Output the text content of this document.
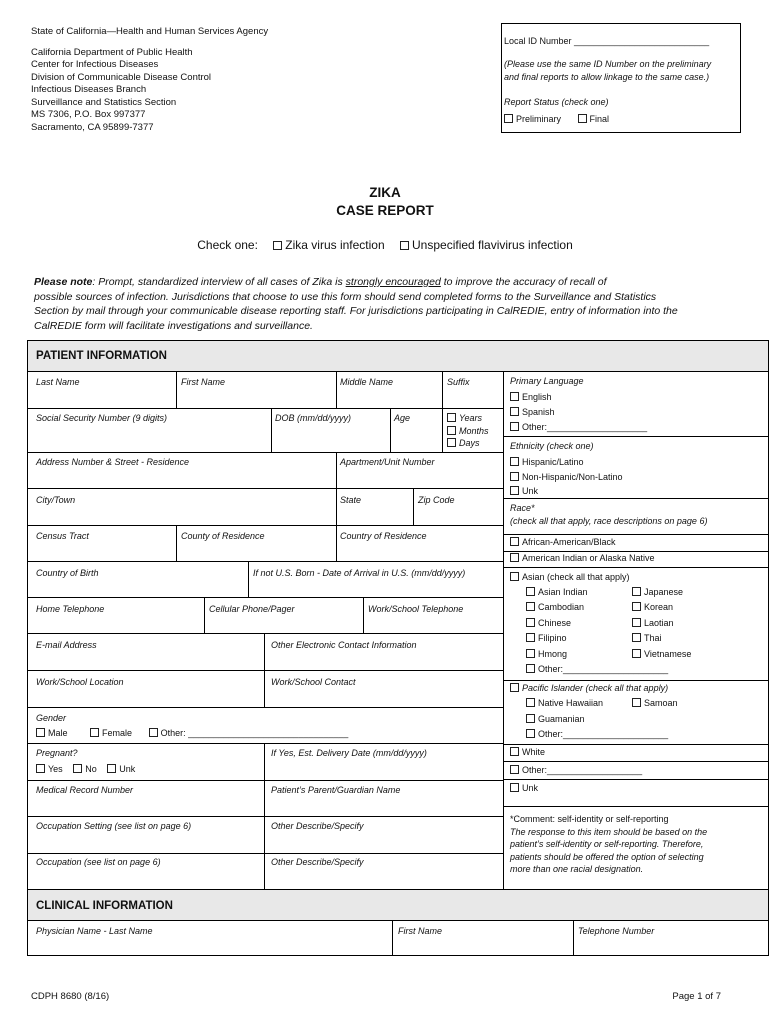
State of California—Health and Human Services Agency
California Department of Public Health
Center for Infectious Diseases
Division of Communicable Disease Control
Infectious Diseases Branch
Surveillance and Statistics Section
MS 7306, P.O. Box 997377
Sacramento, CA 95899-7377
Local ID Number ___________________________
(Please use the same ID Number on the preliminary
and final reports to allow linkage to the same case.)
Report Status (check one)
Preliminary	Final
ZIKA
CASE REPORT
Check one: Zika virus infection Unspecified flavivirus infection
Please note: Prompt, standardized interview of all cases of Zika is strongly encouraged to improve the accuracy of recall of
possible sources of infection. Jurisdictions that choose to use this form should send completed forms to the Surveillance and Statistics
Section by mail through your communicable disease reporting staff. For jurisdictions participating in CalREDIE, entry of information into the
CalREDIE form will facilitate investigations and surveillance.
PATIENT INFORMATION
Last Name	First Name	Middle Name	Suffix
Social Security Number (9 digits)	DOB (mm/dd/yyyy)	Age	Years
Months
Days
Address Number & Street - Residence	Apartment/Unit Number
City/Town	State	Zip Code
Census Tract	County of Residence	Country of Residence
Country of Birth	If not U.S. Born - Date of Arrival in U.S. (mm/dd/yyyy)
Home Telephone	Cellular Phone/Pager	Work/School Telephone
E-mail Address	Other Electronic Contact Information
Work/School Location	Work/School Contact
Gender
Male	Female	Other: ________________________________
Pregnant?
Yes	No	Unk
If Yes, Est. Delivery Date (mm/dd/yyyy)
Medical Record Number	Patient’s Parent/Guardian Name
Occupation Setting (see list on page 6)	Other Describe/Specify
Occupation (see list on page 6)	Other Describe/Specify
Primary Language
English
Spanish
Other:____________________
Ethnicity (check one)
Hispanic/Latino
Non-Hispanic/Non-Latino
Unk
Race*
(check all that apply, race descriptions on page 6)
African-American/Black
American Indian or Alaska Native
Asian (check all that apply)
Asian Indian	Japanese
Cambodian	Korean
Chinese	Laotian
Filipino	Thai
Hmong	Vietnamese
Other:_____________________
Pacific Islander (check all that apply)
Native Hawaiian	Samoan
Guamanian
Other:_____________________
White
Other:___________________
Unk
*Comment: self-identity or self-reporting
The response to this item should be based on the
patient’s self-identity or self-reporting. Therefore,
patients should be offered the option of selecting
more than one racial designation.
CLINICAL INFORMATION
Physician Name - Last Name	First Name	Telephone Number
CDPH 8680 (8/16)	Page 1 of 7
